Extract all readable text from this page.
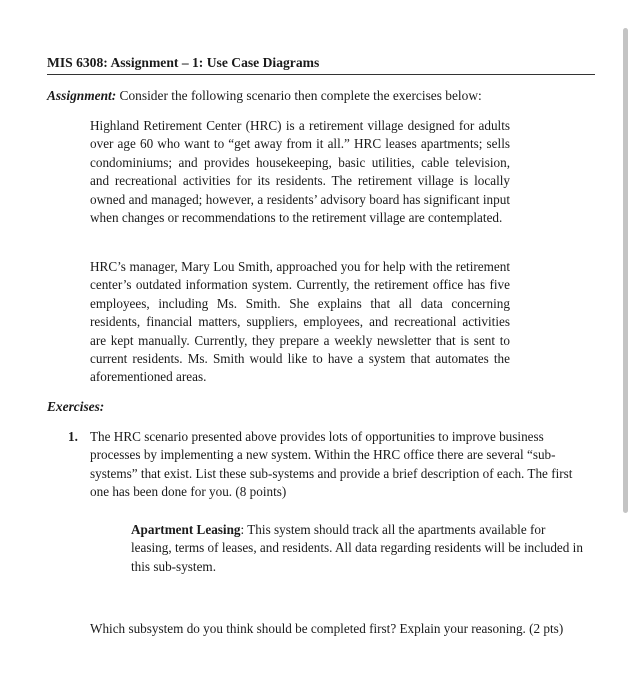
MIS 6308: Assignment – 1: Use Case Diagrams
Assignment: Consider the following scenario then complete the exercises below:
Highland Retirement Center (HRC) is a retirement village designed for adults over age 60 who want to “get away from it all.” HRC leases apartments; sells condominiums; and provides housekeeping, basic utilities, cable television, and recreational activities for its residents. The retirement village is locally owned and managed; however, a residents’ advisory board has significant input when changes or recommendations to the retirement village are contemplated.
HRC’s manager, Mary Lou Smith, approached you for help with the retirement center’s outdated information system. Currently, the retirement office has five employees, including Ms. Smith. She explains that all data concerning residents, financial matters, suppliers, employees, and recreational activities are kept manually. Currently, they prepare a weekly newsletter that is sent to current residents. Ms. Smith would like to have a system that automates the aforementioned areas.
Exercises:
1. The HRC scenario presented above provides lots of opportunities to improve business processes by implementing a new system. Within the HRC office there are several “sub-systems” that exist. List these sub-systems and provide a brief description of each. The first one has been done for you. (8 points)
Apartment Leasing: This system should track all the apartments available for leasing, terms of leases, and residents. All data regarding residents will be included in this sub-system.
Which subsystem do you think should be completed first? Explain your reasoning. (2 pts)
